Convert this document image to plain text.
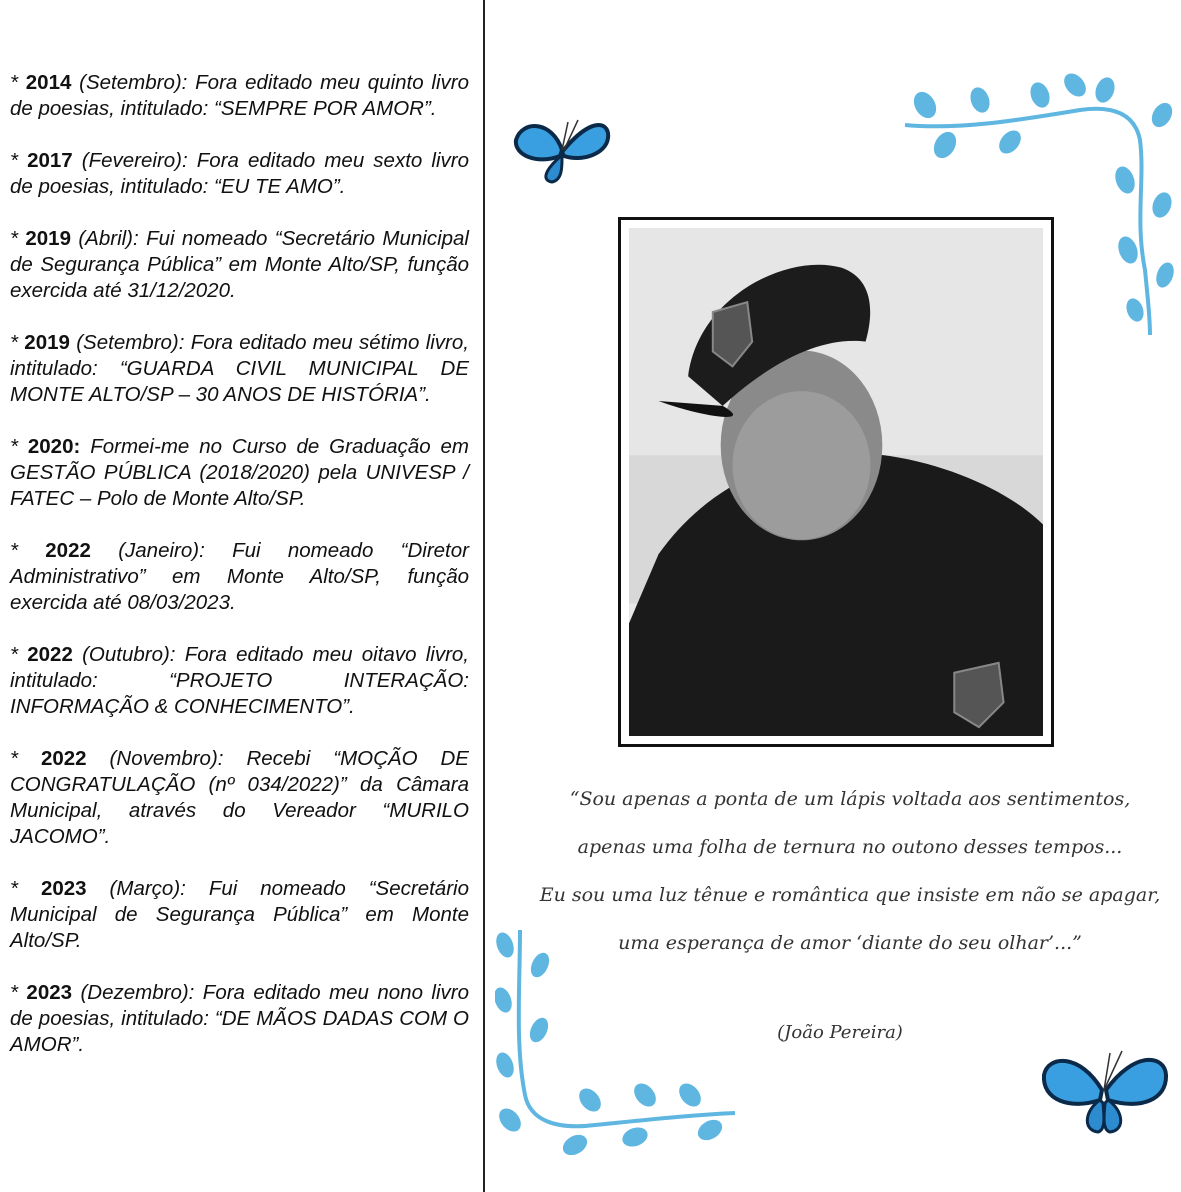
* 2014 (Setembro): Fora editado meu quinto livro de poesias, intitulado: “SEMPRE POR AMOR”.

* 2017 (Fevereiro): Fora editado meu sexto livro de poesias, intitulado: “EU TE AMO”.

* 2019 (Abril): Fui nomeado “Secretário Municipal de Segurança Pública” em Monte Alto/SP, função exercida até 31/12/2020.

* 2019 (Setembro): Fora editado meu sétimo livro, intitulado: “GUARDA CIVIL MUNICIPAL DE MONTE ALTO/SP – 30 ANOS DE HISTÓRIA”.

* 2020: Formei-me no Curso de Graduação em GESTÃO PÚBLICA (2018/2020) pela UNIVESP / FATEC – Polo de Monte Alto/SP.

* 2022 (Janeiro): Fui nomeado “Diretor Administrativo” em Monte Alto/SP, função exercida até 08/03/2023.

* 2022 (Outubro): Fora editado meu oitavo livro, intitulado: “PROJETO INTERAÇÃO: INFORMAÇÃO & CONHECIMENTO”.

* 2022 (Novembro): Recebi “MOÇÃO DE CONGRATULAÇÃO (nº 034/2022)” da Câmara Municipal, através do Vereador “MURILO JACOMO”.

* 2023 (Março): Fui nomeado “Secretário Municipal de Segurança Pública” em Monte Alto/SP.

* 2023 (Dezembro): Fora editado meu nono livro de poesias, intitulado: “DE MÃOS DADAS COM O AMOR”.

“Sou apenas a ponta de um lápis voltada aos sentimentos,
apenas uma folha de ternura no outono desses tempos...
Eu sou uma luz tênue e romântica que insiste em não se apagar,
uma esperança de amor ‘diante do seu olhar’...”
(João Pereira)
